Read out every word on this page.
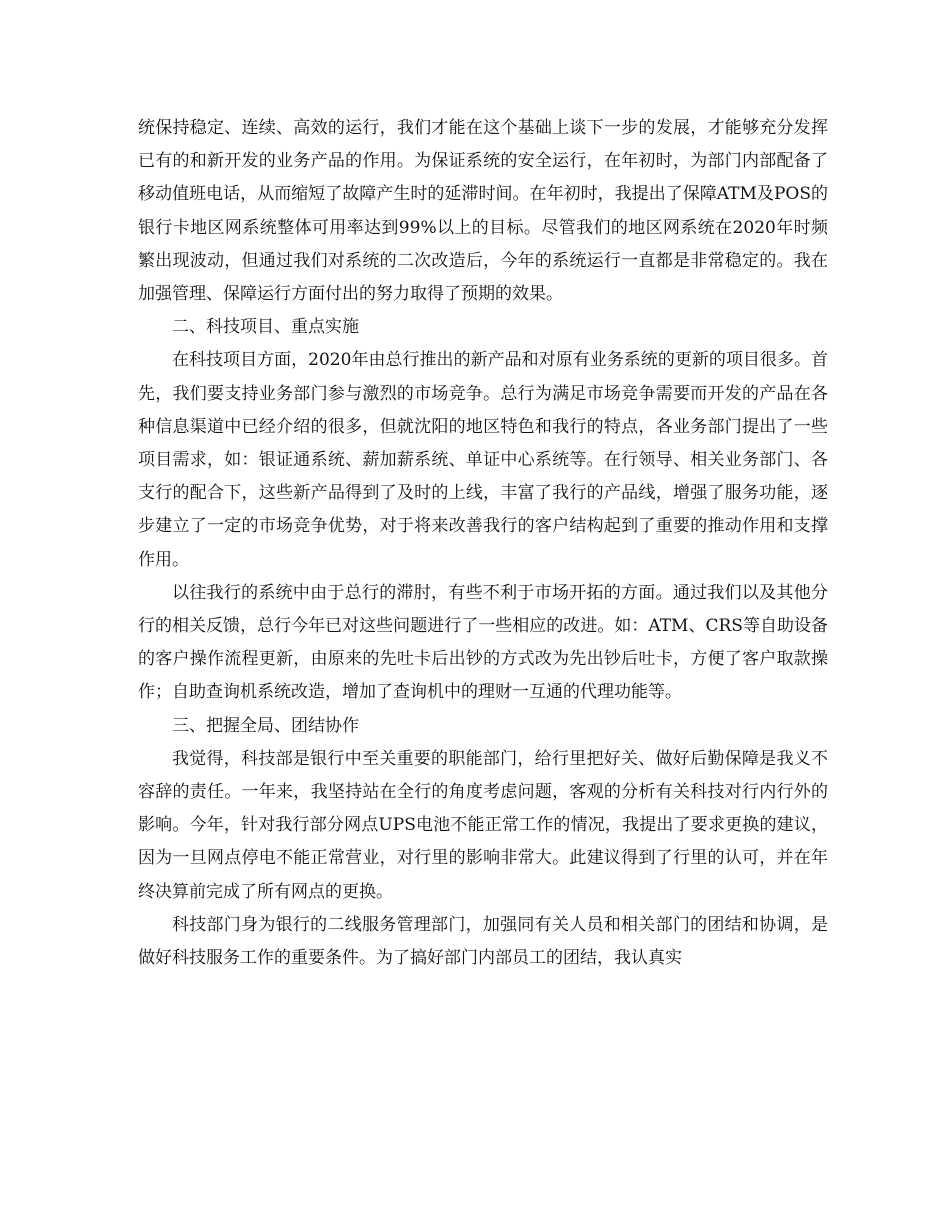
统保持稳定、连续、高效的运行，我们才能在这个基础上谈下一步的发展，才能够充分发挥已有的和新开发的业务产品的作用。为保证系统的安全运行，在年初时，为部门内部配备了移动值班电话，从而缩短了故障产生时的延滞时间。在年初时，我提出了保障ATM及POS的银行卡地区网系统整体可用率达到99%以上的目标。尽管我们的地区网系统在2020年时频繁出现波动，但通过我们对系统的二次改造后，今年的系统运行一直都是非常稳定的。我在加强管理、保障运行方面付出的努力取得了预期的效果。

二、科技项目、重点实施

在科技项目方面，2020年由总行推出的新产品和对原有业务系统的更新的项目很多。首先，我们要支持业务部门参与激烈的市场竞争。总行为满足市场竞争需要而开发的产品在各种信息渠道中已经介绍的很多，但就沈阳的地区特色和我行的特点，各业务部门提出了一些项目需求，如：银证通系统、薪加薪系统、单证中心系统等。在行领导、相关业务部门、各支行的配合下，这些新产品得到了及时的上线，丰富了我行的产品线，增强了服务功能，逐步建立了一定的市场竞争优势，对于将来改善我行的客户结构起到了重要的推动作用和支撑作用。

以往我行的系统中由于总行的滞肘，有些不利于市场开拓的方面。通过我们以及其他分行的相关反馈，总行今年已对这些问题进行了一些相应的改进。如：ATM、CRS等自助设备的客户操作流程更新，由原来的先吐卡后出钞的方式改为先出钞后吐卡，方便了客户取款操作；自助查询机系统改造，增加了查询机中的理财一互通的代理功能等。

三、把握全局、团结协作

我觉得，科技部是银行中至关重要的职能部门，给行里把好关、做好后勤保障是我义不容辞的责任。一年来，我坚持站在全行的角度考虑问题，客观的分析有关科技对行内行外的影响。今年，针对我行部分网点UPS电池不能正常工作的情况，我提出了要求更换的建议，因为一旦网点停电不能正常营业，对行里的影响非常大。此建议得到了行里的认可，并在年终决算前完成了所有网点的更换。

科技部门身为银行的二线服务管理部门，加强同有关人员和相关部门的团结和协调，是做好科技服务工作的重要条件。为了搞好部门内部员工的团结，我认真实
